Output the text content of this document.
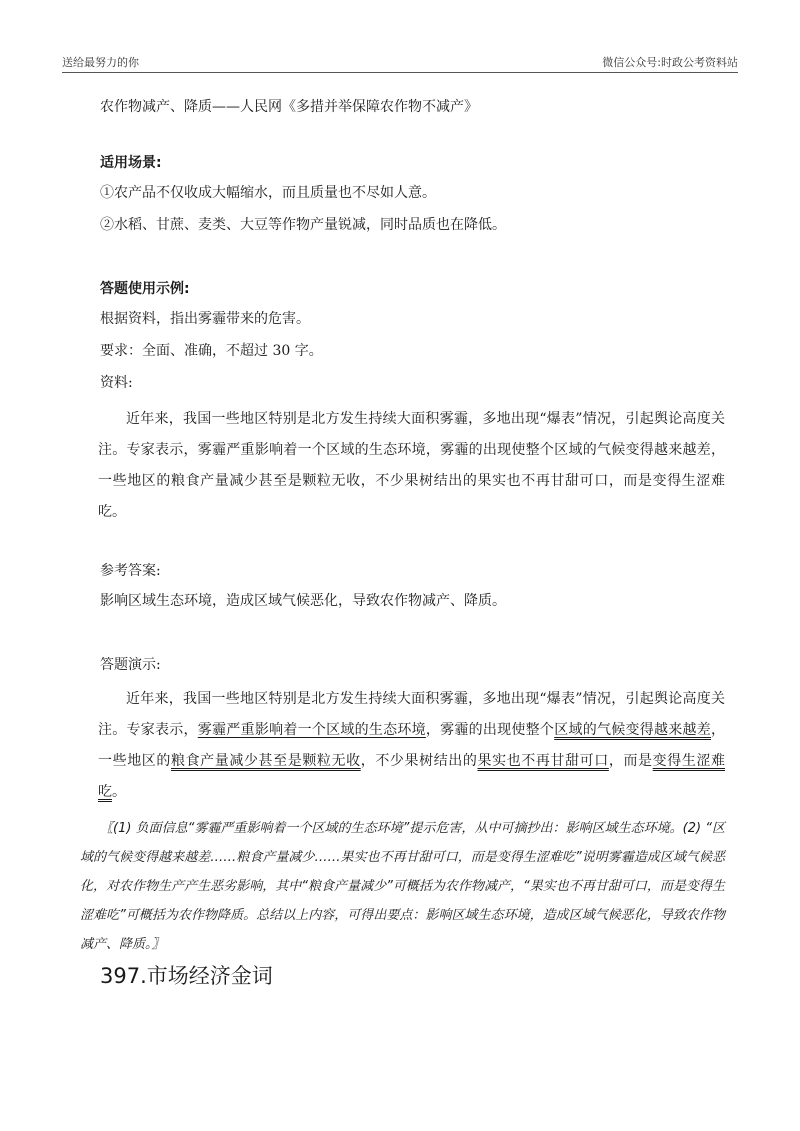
送给最努力的你	微信公众号:时政公考资料站

农作物减产、降质——人民网《多措并举保障农作物不减产》

适用场景:

①农产品不仅收成大幅缩水，而且质量也不尽如人意。

②水稻、甘蔗、麦类、大豆等作物产量锐减，同时品质也在降低。

答题使用示例:

根据资料，指出雾霾带来的危害。

要求：全面、准确，不超过 30 字。

资料:

近年来，我国一些地区特别是北方发生持续大面积雾霾，多地出现“爆表”情况，引起舆论高度关注。专家表示，雾霾严重影响着一个区域的生态环境，雾霾的出现使整个区域的气候变得越来越差，一些地区的粮食产量减少甚至是颗粒无收，不少果树结出的果实也不再甘甜可口，而是变得生涩难吃。

参考答案:

影响区域生态环境，造成区域气候恶化，导致农作物减产、降质。

答题演示:

近年来，我国一些地区特别是北方发生持续大面积雾霾，多地出现“爆表”情况，引起舆论高度关注。专家表示，雾霾严重影响着一个区域的生态环境，雾霾的出现使整个区域的气候变得越来越差，一些地区的粮食产量减少甚至是颗粒无收，不少果树结出的果实也不再甘甜可口，而是变得生涩难吃。

〖(1) 负面信息“雾霾严重影响着一个区域的生态环境”提示危害，从中可摘抄出：影响区域生态环境。(2) “区域的气候变得越来越差……粮食产量减少……果实也不再甘甜可口，而是变得生涩难吃”说明雾霾造成区域气候恶化，对农作物生产产生恶劣影响，其中“粮食产量减少”可概括为农作物减产，“果实也不再甘甜可口，而是变得生涩难吃”可概括为农作物降质。总结以上内容，可得出要点：影响区域生态环境，造成区域气候恶化，导致农作物减产、降质。〗

397.市场经济金词
